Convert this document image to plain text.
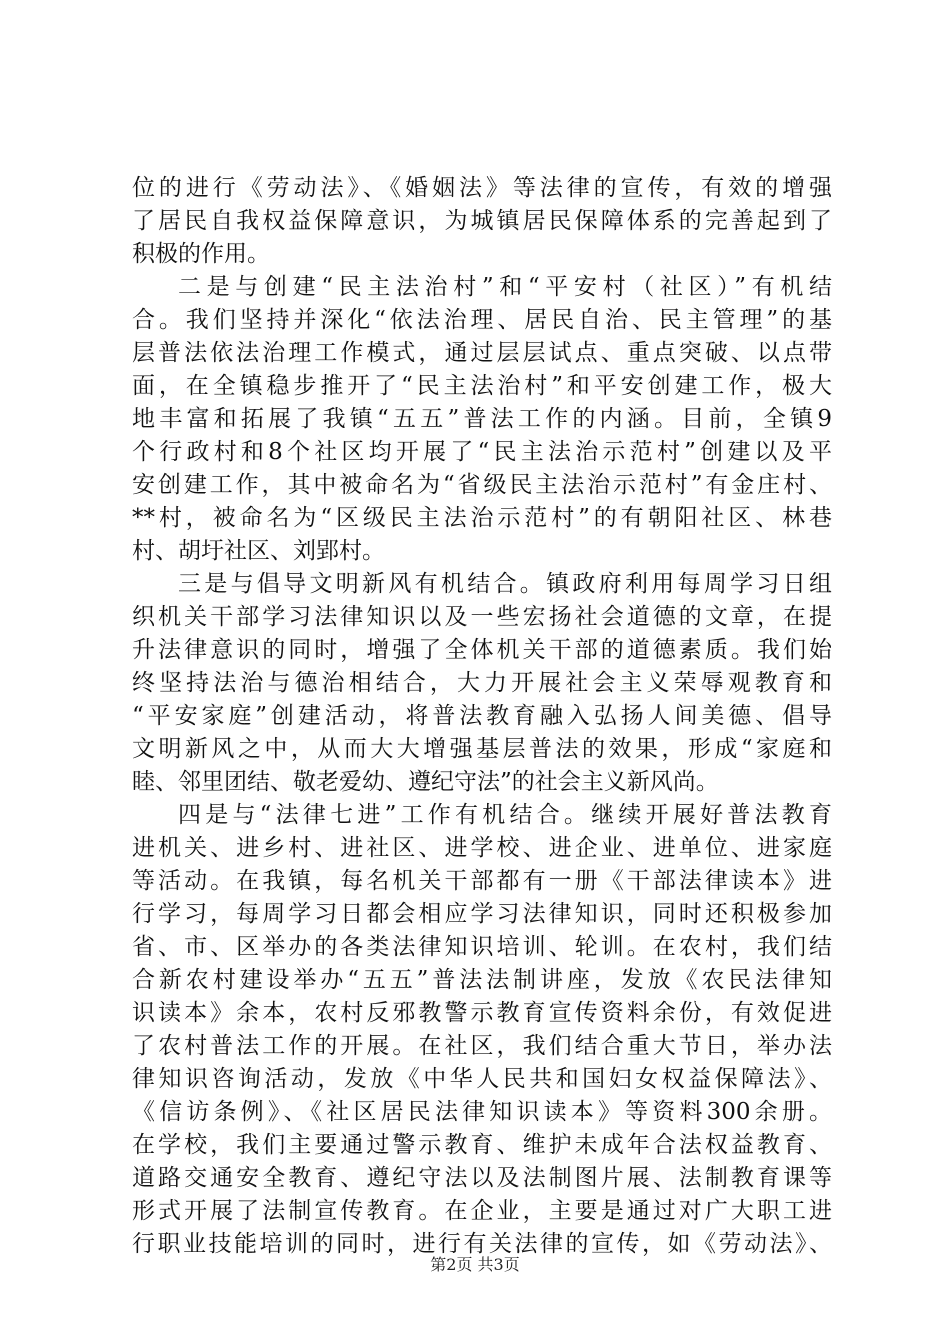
位的进行《劳动法》、《婚姻法》等法律的宣传，有效的增强
了居民自我权益保障意识，为城镇居民保障体系的完善起到了
积极的作用。
二是与创建“民主法治村”和“平安村（社区）”有机结
合。我们坚持并深化“依法治理、居民自治、民主管理”的基
层普法依法治理工作模式，通过层层试点、重点突破、以点带
面，在全镇稳步推开了“民主法治村”和平安创建工作，极大
地丰富和拓展了我镇“五五”普法工作的内涵。目前，全镇9
个行政村和8个社区均开展了“民主法治示范村”创建以及平
安创建工作，其中被命名为“省级民主法治示范村”有金庄村、
**村，被命名为“区级民主法治示范村”的有朝阳社区、林巷
村、胡圩社区、刘郢村。
三是与倡导文明新风有机结合。镇政府利用每周学习日组
织机关干部学习法律知识以及一些宏扬社会道德的文章，在提
升法律意识的同时，增强了全体机关干部的道德素质。我们始
终坚持法治与德治相结合，大力开展社会主义荣辱观教育和
“平安家庭”创建活动，将普法教育融入弘扬人间美德、倡导
文明新风之中，从而大大增强基层普法的效果，形成“家庭和
睦、邻里团结、敬老爱幼、遵纪守法”的社会主义新风尚。
四是与“法律七进”工作有机结合。继续开展好普法教育
进机关、进乡村、进社区、进学校、进企业、进单位、进家庭
等活动。在我镇，每名机关干部都有一册《干部法律读本》进
行学习，每周学习日都会相应学习法律知识，同时还积极参加
省、市、区举办的各类法律知识培训、轮训。在农村，我们结
合新农村建设举办“五五”普法法制讲座，发放《农民法律知
识读本》余本，农村反邪教警示教育宣传资料余份，有效促进
了农村普法工作的开展。在社区，我们结合重大节日，举办法
律知识咨询活动，发放《中华人民共和国妇女权益保障法》、
《信访条例》、《社区居民法律知识读本》等资料300余册。
在学校，我们主要通过警示教育、维护未成年合法权益教育、
道路交通安全教育、遵纪守法以及法制图片展、法制教育课等
形式开展了法制宣传教育。在企业，主要是通过对广大职工进
行职业技能培训的同时，进行有关法律的宣传，如《劳动法》、
第2页 共3页
